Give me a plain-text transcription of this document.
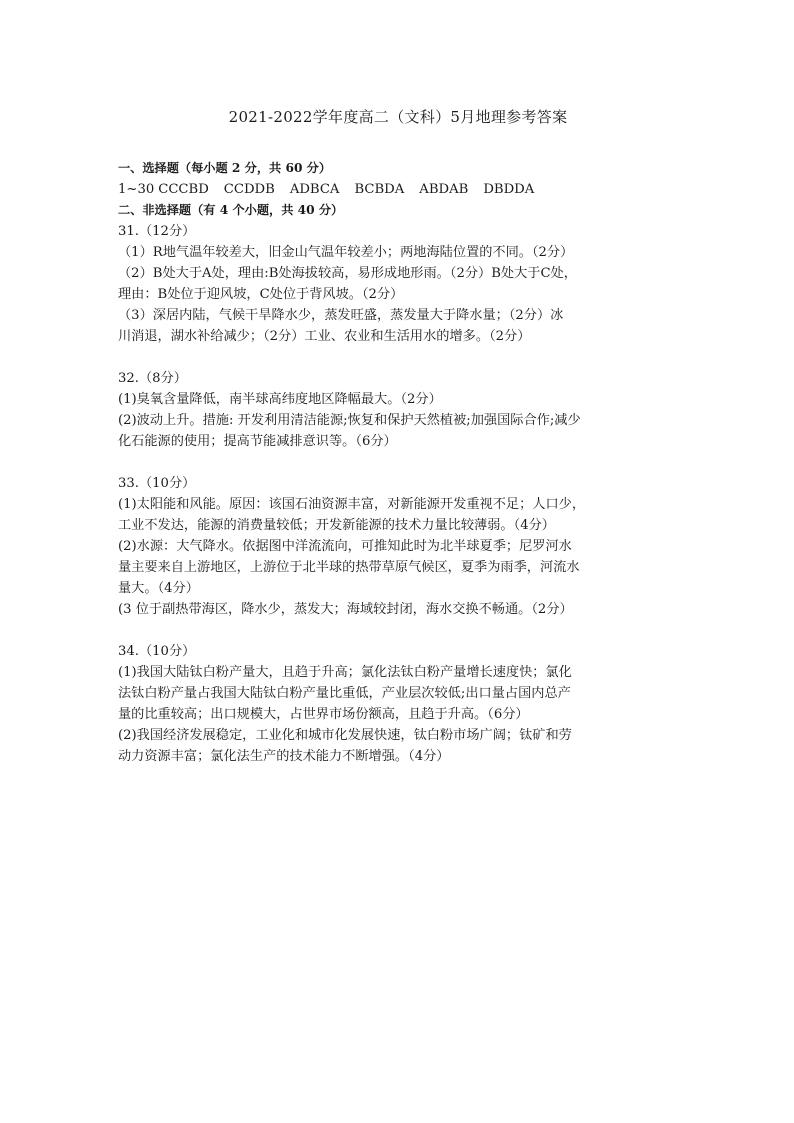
2021-2022学年度高二（文科）5月地理参考答案
一、选择题（每小题 2 分，共 60 分）
1~30 CCCBD CCDDB ADBCA BCBDA ABDAB DBDDA
二、非选择题（有 4 个小题，共 40 分）
31.（12分）
（1）R地气温年较差大，旧金山气温年较差小；两地海陆位置的不同。（2分）
（2）B处大于A处，理由:B处海拔较高，易形成地形雨。（2分）B处大于C处，
理由：B处位于迎风坡，C处位于背风坡。（2分）
（3）深居内陆，气候干旱降水少，蒸发旺盛，蒸发量大于降水量；（2分）冰
川消退，湖水补给减少；（2分）工业、农业和生活用水的增多。（2分）
32.（8分）
(1)臭氧含量降低，南半球高纬度地区降幅最大。（2分）
(2)波动上升。措施: 开发利用清洁能源;恢复和保护天然植被;加强国际合作;减少
化石能源的使用；提高节能减排意识等。（6分）
33.（10分）
(1)太阳能和风能。原因：该国石油资源丰富，对新能源开发重视不足；人口少，
工业不发达，能源的消费量较低；开发新能源的技术力量比较薄弱。（4分）
(2)水源：大气降水。依据图中洋流流向，可推知此时为北半球夏季；尼罗河水
量主要来自上游地区，上游位于北半球的热带草原气候区，夏季为雨季，河流水
量大。（4分）
(3 位于副热带海区，降水少，蒸发大；海域较封闭，海水交换不畅通。（2分）
34.（10分）
(1)我国大陆钛白粉产量大，且趋于升高；氯化法钛白粉产量增长速度快；氯化
法钛白粉产量占我国大陆钛白粉产量比重低，产业层次较低;出口量占国内总产
量的比重较高；出口规模大，占世界市场份额高，且趋于升高。（6分）
(2)我国经济发展稳定，工业化和城市化发展快速，钛白粉市场广阔；钛矿和劳
动力资源丰富；氯化法生产的技术能力不断增强。（4分）
